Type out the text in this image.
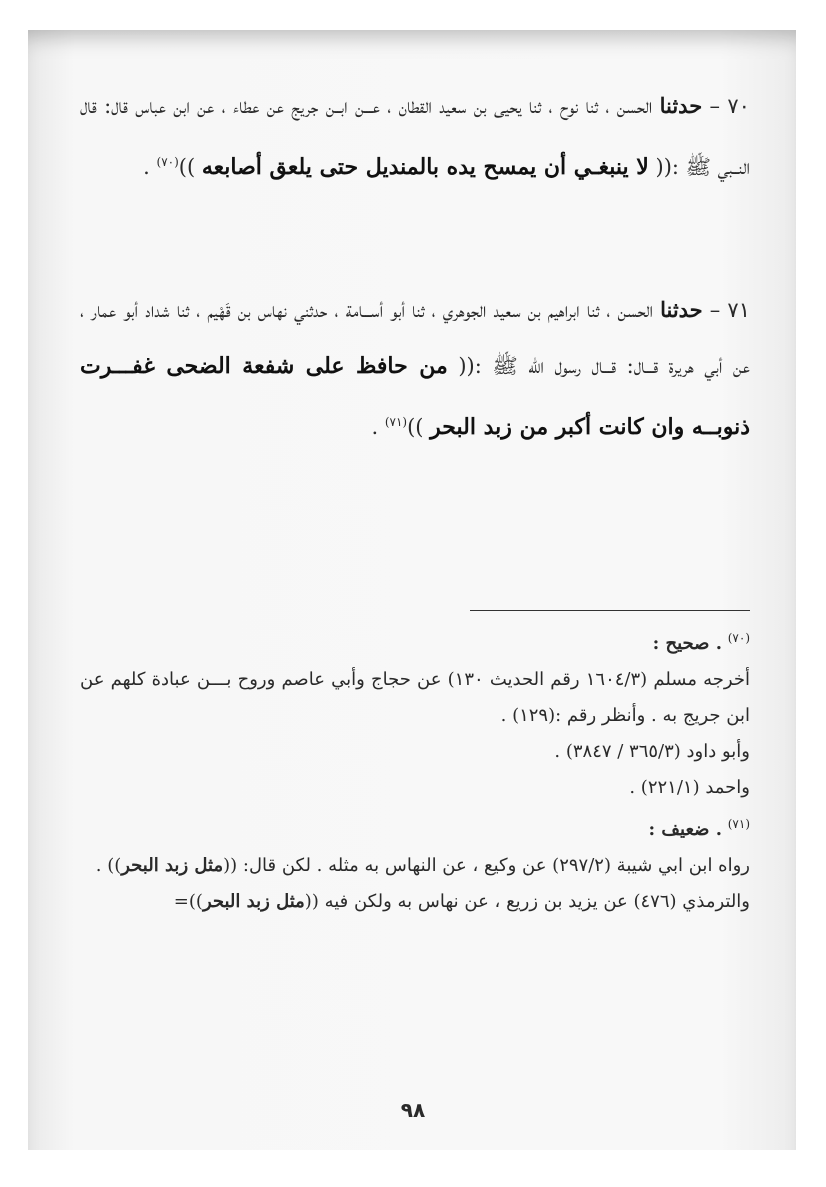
٧٠ – حدثنا الحسن ، ثنا نوح ، ثنا يحيى بن سعيد القطان ، عـــن ابــن جريج عن عطاء ، عن ابن عباس قال: قال النــبي ﷺ :(( لا ينبغـي أن يمسح يده بالمنديل حتى يلعق أصابعه ))$^{(٧٠)}$ .

٧١ – حدثنا الحسن ، ثنا ابراهيم بن سعيد الجوهري ، ثنا أبو أســـامة ، حدثني نهاس بن قَهْيم ، ثنا شداد أبو عمار ، عن أبي هريرة قـــال: قـــال رسول الله ﷺ :(( من حافظ على شفعة الضحى غفـــرت ذنوبــه وان كانت أكبر من زبد البحر ))$^{(٧١)}$ .

$^{(٧٠)}$ . صحيح :

أخرجه مسلم (١٦٠٤/٣ رقم الحديث ١٣٠) عن حجاج وأبي عاصم وروح بـــن عبادة كلهم عن ابن جريج به . وأنظر رقم :(١٢٩) .

وأبو داود (٣٦٥/٣ / ٣٨٤٧) .

واحمد (٢٢١/١) .

$^{(٧١)}$ . ضعيف :

رواه ابن ابي شيبة (٢٩٧/٢) عن وكيع ، عن النهاس به مثله . لكن قال: ((مثل زبد البحر)) .

والترمذي (٤٧٦) عن يزيد بن زريع ، عن نهاس به ولكن فيه ((مثل زبد البحر))=

٩٨
